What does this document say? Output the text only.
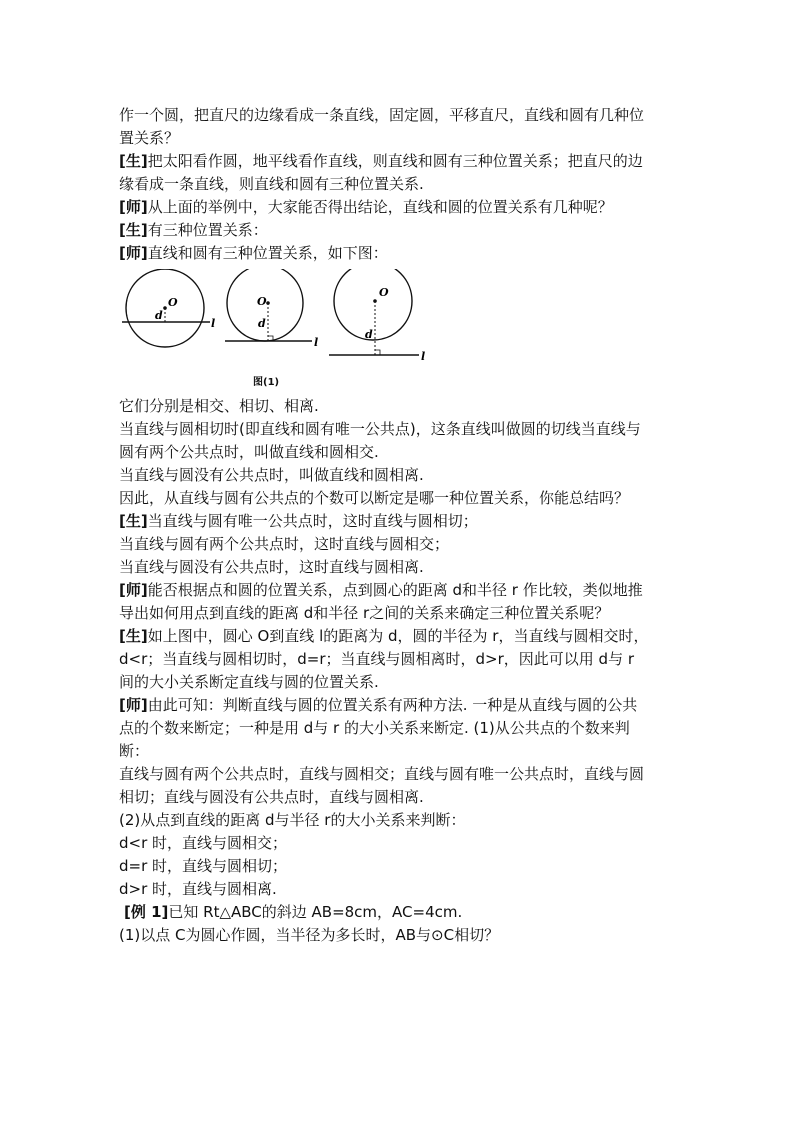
作一个圆，把直尺的边缘看成一条直线，固定圆，平移直尺，直线和圆有几种位
置关系？
[生]把太阳看作圆，地平线看作直线，则直线和圆有三种位置关系；把直尺的边
缘看成一条直线，则直线和圆有三种位置关系.
[师]从上面的举例中，大家能否得出结论，直线和圆的位置关系有几种呢？
[生]有三种位置关系：
[师]直线和圆有三种位置关系，如下图：
O
d
l
O
d
l
O
d
l
图(1)
它们分别是相交、相切、相离.
当直线与圆相切时(即直线和圆有唯一公共点)，这条直线叫做圆的切线当直线与
圆有两个公共点时，叫做直线和圆相交.
当直线与圆没有公共点时，叫做直线和圆相离.
因此，从直线与圆有公共点的个数可以断定是哪一种位置关系，你能总结吗？
[生]当直线与圆有唯一公共点时，这时直线与圆相切；
当直线与圆有两个公共点时，这时直线与圆相交；
当直线与圆没有公共点时，这时直线与圆相离.
[师]能否根据点和圆的位置关系，点到圆心的距离 d和半径 r 作比较，类似地推
导出如何用点到直线的距离 d和半径 r之间的关系来确定三种位置关系呢？
[生]如上图中，圆心 O到直线 l的距离为 d，圆的半径为 r，当直线与圆相交时，
d<r；当直线与圆相切时，d=r；当直线与圆相离时，d>r，因此可以用 d与 r
间的大小关系断定直线与圆的位置关系.
[师]由此可知：判断直线与圆的位置关系有两种方法. 一种是从直线与圆的公共
点的个数来断定；一种是用 d与 r 的大小关系来断定. (1)从公共点的个数来判
断：
直线与圆有两个公共点时，直线与圆相交；直线与圆有唯一公共点时，直线与圆
相切；直线与圆没有公共点时，直线与圆相离.
(2)从点到直线的距离 d与半径 r的大小关系来判断：
d<r 时，直线与圆相交；
d=r 时，直线与圆相切；
d>r 时，直线与圆相离.
[例 1]已知 Rt△ABC的斜边 AB=8cm，AC=4cm.
(1)以点 C为圆心作圆，当半径为多长时，AB与⊙C相切？
